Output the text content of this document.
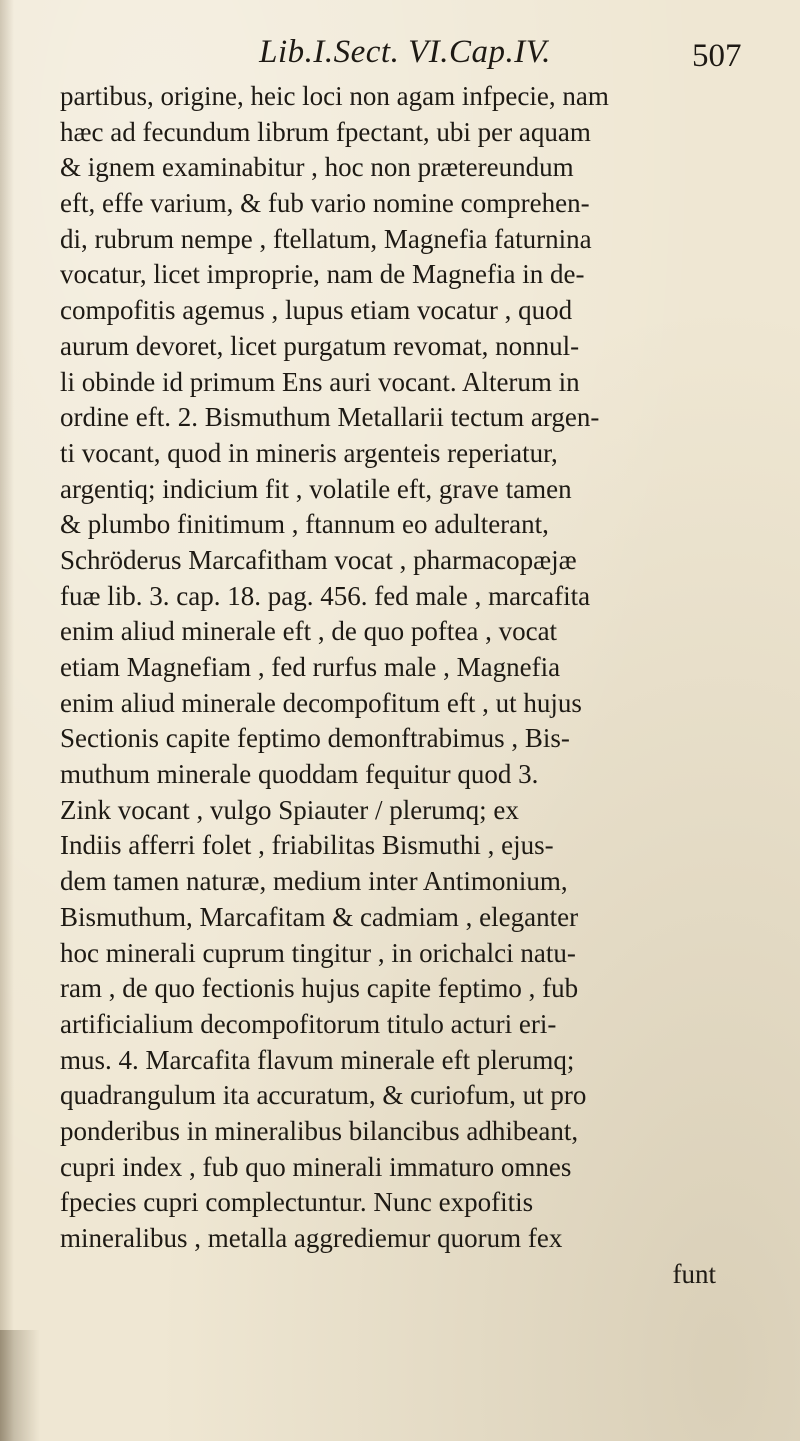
Lib.I.Sect. VI.Cap.IV.	507
partibus, origine, heic loci non agam infpecie, nam
hæc ad fecundum librum fpectant, ubi per aquam
& ignem examinabitur , hoc non prætereundum
eft, effe varium, & fub vario nomine comprehen-
di, rubrum nempe , ftellatum, Magnefia faturnina
vocatur, licet improprie, nam de Magnefia in de-
compofitis agemus , lupus etiam vocatur , quod
aurum devoret, licet purgatum revomat, nonnul-
li obinde id primum Ens auri vocant. Alterum in
ordine eft. 2. Bismuthum Metallarii tectum argen-
ti vocant, quod in mineris argenteis reperiatur,
argentiq; indicium fit , volatile eft, grave tamen
& plumbo finitimum , ftannum eo adulterant,
Schröderus Marcafitham vocat , pharmacopæjæ
fuæ lib. 3. cap. 18. pag. 456. fed male , marcafita
enim aliud minerale eft , de quo poftea , vocat
etiam Magnefiam , fed rurfus male , Magnefia
enim aliud minerale decompofitum eft , ut hujus
Sectionis capite feptimo demonftrabimus , Bis-
muthum minerale quoddam fequitur quod 3.
Zink vocant , vulgo Spiauter / plerumq; ex
Indiis afferri folet , friabilitas Bismuthi , ejus-
dem tamen naturæ, medium inter Antimonium,
Bismuthum, Marcafitam & cadmiam , eleganter
hoc minerali cuprum tingitur , in orichalci natu-
ram , de quo fectionis hujus capite feptimo , fub
artificialium decompofitorum titulo acturi eri-
mus. 4. Marcafita flavum minerale eft plerumq;
quadrangulum ita accuratum, & curiofum, ut pro
ponderibus in mineralibus bilancibus adhibeant,
cupri index , fub quo minerali immaturo omnes
fpecies cupri complectuntur. Nunc expofitis
mineralibus , metalla aggrediemur quorum fex
funt
